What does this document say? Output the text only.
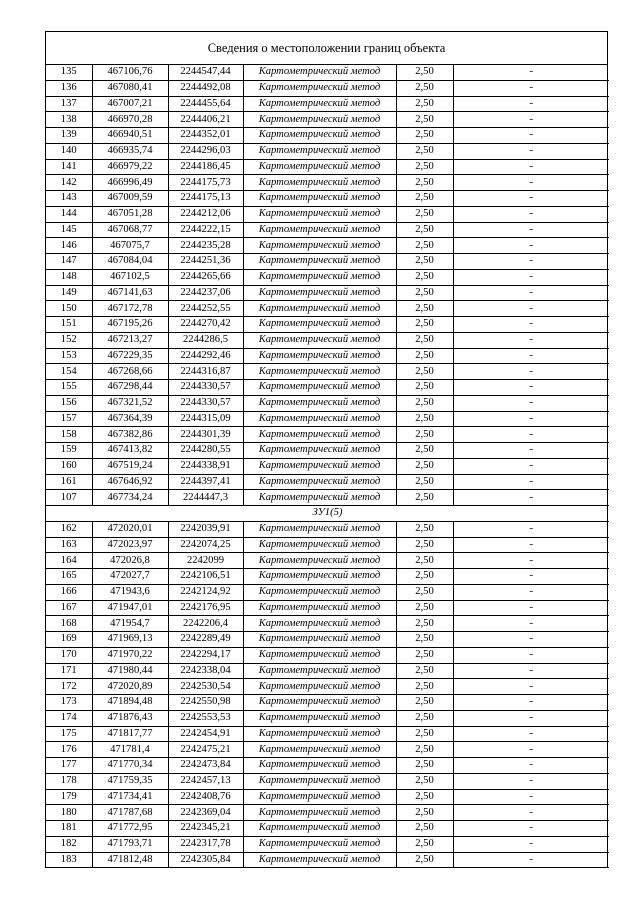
Сведения о местоположении границ объекта
135	467106,76	2244547,44	Картометрический метод	2,50	-
136	467080,41	2244492,08	Картометрический метод	2,50	-
137	467007,21	2244455,64	Картометрический метод	2,50	-
138	466970,28	2244406,21	Картометрический метод	2,50	-
139	466940,51	2244352,01	Картометрический метод	2,50	-
140	466935,74	2244296,03	Картометрический метод	2,50	-
141	466979,22	2244186,45	Картометрический метод	2,50	-
142	466996,49	2244175,73	Картометрический метод	2,50	-
143	467009,59	2244175,13	Картометрический метод	2,50	-
144	467051,28	2244212,06	Картометрический метод	2,50	-
145	467068,77	2244222,15	Картометрический метод	2,50	-
146	467075,7	2244235,28	Картометрический метод	2,50	-
147	467084,04	2244251,36	Картометрический метод	2,50	-
148	467102,5	2244265,66	Картометрический метод	2,50	-
149	467141,63	2244237,06	Картометрический метод	2,50	-
150	467172,78	2244252,55	Картометрический метод	2,50	-
151	467195,26	2244270,42	Картометрический метод	2,50	-
152	467213,27	2244286,5	Картометрический метод	2,50	-
153	467229,35	2244292,46	Картометрический метод	2,50	-
154	467268,66	2244316,87	Картометрический метод	2,50	-
155	467298,44	2244330,57	Картометрический метод	2,50	-
156	467321,52	2244330,57	Картометрический метод	2,50	-
157	467364,39	2244315,09	Картометрический метод	2,50	-
158	467382,86	2244301,39	Картометрический метод	2,50	-
159	467413,82	2244280,55	Картометрический метод	2,50	-
160	467519,24	2244338,91	Картометрический метод	2,50	-
161	467646,92	2244397,41	Картометрический метод	2,50	-
107	467734,24	2244447,3	Картометрический метод	2,50	-
ЗУ1(5)					
162	472020,01	2242039,91	Картометрический метод	2,50	-
163	472023,97	2242074,25	Картометрический метод	2,50	-
164	472026,8	2242099	Картометрический метод	2,50	-
165	472027,7	2242106,51	Картометрический метод	2,50	-
166	471943,6	2242124,92	Картометрический метод	2,50	-
167	471947,01	2242176,95	Картометрический метод	2,50	-
168	471954,7	2242206,4	Картометрический метод	2,50	-
169	471969,13	2242289,49	Картометрический метод	2,50	-
170	471970,22	2242294,17	Картометрический метод	2,50	-
171	471980,44	2242338,04	Картометрический метод	2,50	-
172	472020,89	2242530,54	Картометрический метод	2,50	-
173	471894,48	2242550,98	Картометрический метод	2,50	-
174	471876,43	2242553,53	Картометрический метод	2,50	-
175	471817,77	2242454,91	Картометрический метод	2,50	-
176	471781,4	2242475,21	Картометрический метод	2,50	-
177	471770,34	2242473,84	Картометрический метод	2,50	-
178	471759,35	2242457,13	Картометрический метод	2,50	-
179	471734,41	2242408,76	Картометрический метод	2,50	-
180	471787,68	2242369,04	Картометрический метод	2,50	-
181	471772,95	2242345,21	Картометрический метод	2,50	-
182	471793,71	2242317,78	Картометрический метод	2,50	-
183	471812,48	2242305,84	Картометрический метод	2,50	-
